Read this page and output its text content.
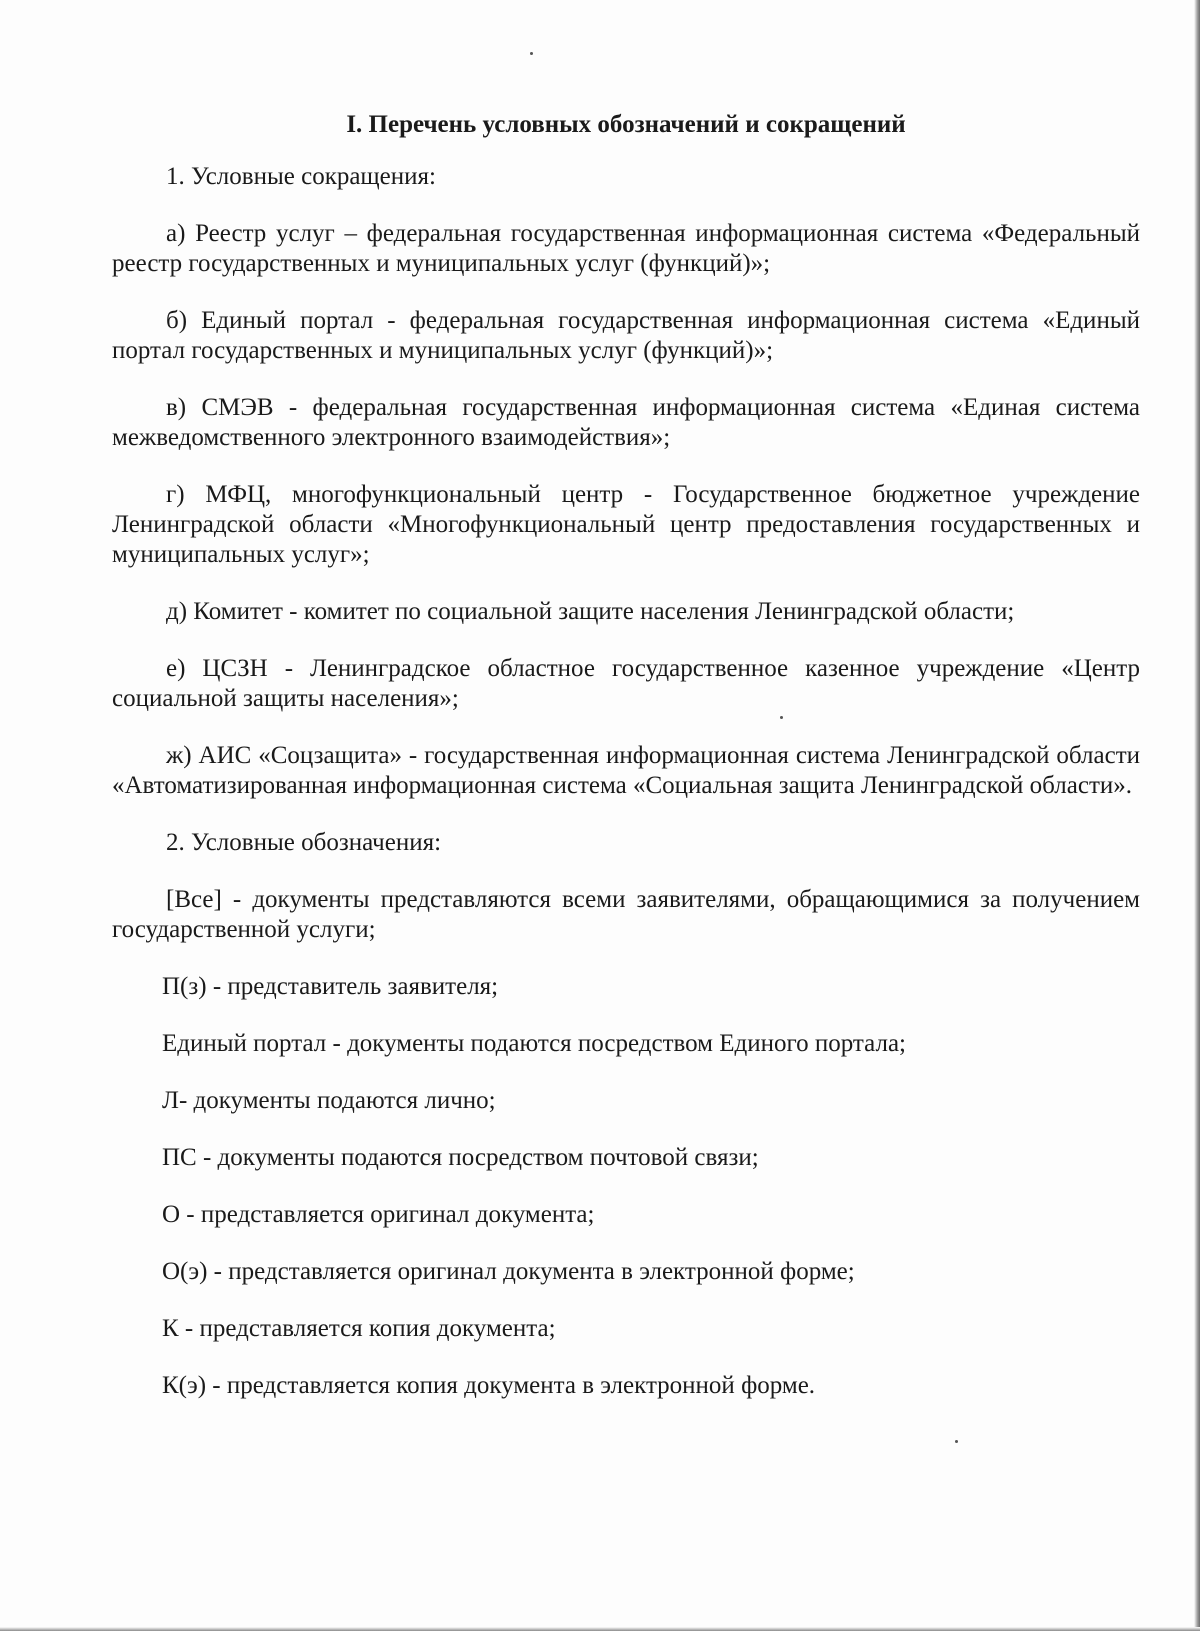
I. Перечень условных обозначений и сокращений
1. Условные сокращения:
а) Реестр услуг – федеральная государственная информационная система «Федеральный реестр государственных и муниципальных услуг (функций)»;
б) Единый портал - федеральная государственная информационная система «Единый портал государственных и муниципальных услуг (функций)»;
в) СМЭВ - федеральная государственная информационная система «Единая система межведомственного электронного взаимодействия»;
г) МФЦ, многофункциональный центр - Государственное бюджетное учреждение Ленинградской области «Многофункциональный центр предоставления государственных и муниципальных услуг»;
д) Комитет - комитет по социальной защите населения Ленинградской области;
е) ЦСЗН - Ленинградское областное государственное казенное учреждение «Центр социальной защиты населения»;
ж) АИС «Соцзащита» - государственная информационная система Ленинградской области «Автоматизированная информационная система «Социальная защита Ленинградской области».
2. Условные обозначения:
[Все] - документы представляются всеми заявителями, обращающимися за получением государственной услуги;
П(з) - представитель заявителя;
Единый портал - документы подаются посредством Единого портала;
Л- документы подаются лично;
ПС - документы подаются посредством почтовой связи;
О - представляется оригинал документа;
О(э) - представляется оригинал документа в электронной форме;
К - представляется копия документа;
К(э) - представляется копия документа в электронной форме.
